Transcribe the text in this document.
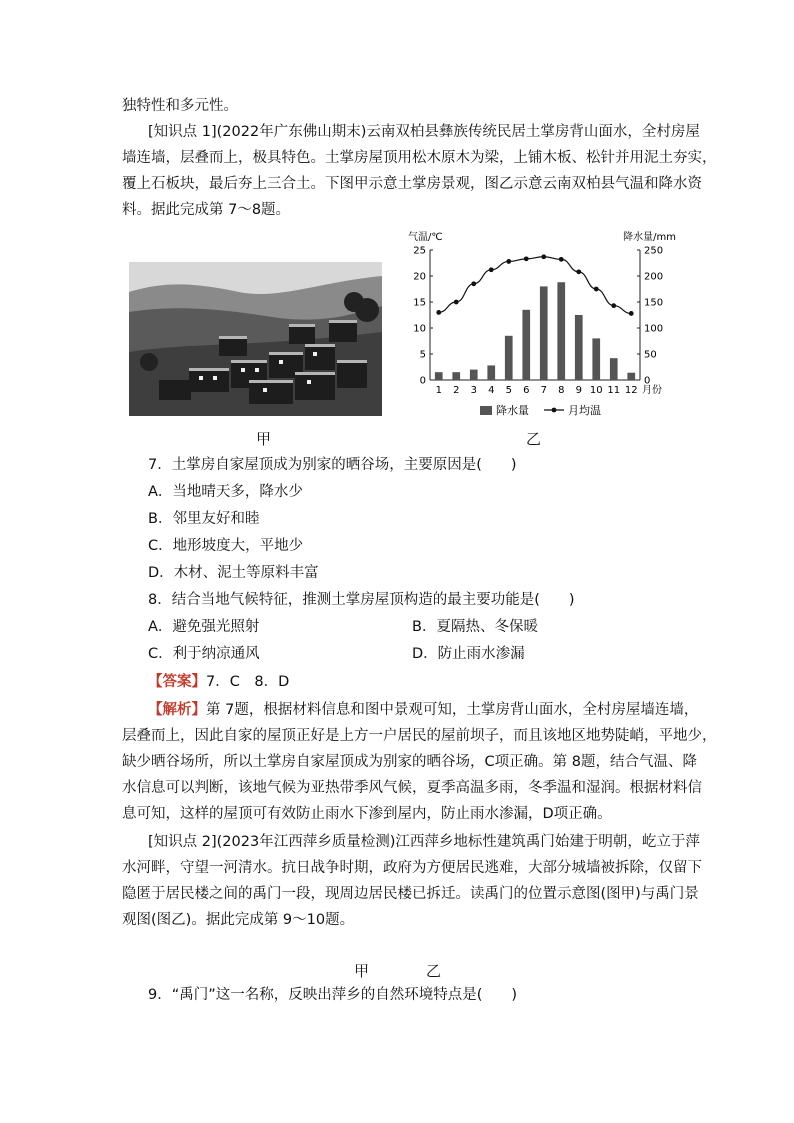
独特性和多元性。
[知识点 1](2022年广东佛山期末)云南双柏县彝族传统民居土掌房背山面水，全村房屋
墙连墙，层叠而上，极具特色。土掌房屋顶用松木原木为梁，上铺木板、松针并用泥土夯实，
覆上石板块，最后夯上三合土。下图甲示意土掌房景观，图乙示意云南双柏县气温和降水资
料。据此完成第 7～8题。
甲
气温/℃	降水量/mm
0
5
10
15
20
25
0
50
100
150
200
250
1 2 3 4 5 6 7 8 9 10 11 12 月份
降水量	月均温
乙
7．土掌房自家屋顶成为别家的晒谷场，主要原因是(　　)
A．当地晴天多，降水少
B．邻里友好和睦
C．地形坡度大，平地少
D．木材、泥土等原料丰富
8．结合当地气候特征，推测土掌房屋顶构造的最主要功能是(　　)
A．避免强光照射	B．夏隔热、冬保暖
C．利于纳凉通风	D．防止雨水渗漏
【答案】7．C　8．D
【解析】第 7题，根据材料信息和图中景观可知，土掌房背山面水，全村房屋墙连墙，
层叠而上，因此自家的屋顶正好是上方一户居民的屋前坝子，而且该地区地势陡峭，平地少，
缺少晒谷场所，所以土掌房自家屋顶成为别家的晒谷场，C项正确。第 8题，结合气温、降
水信息可以判断，该地气候为亚热带季风气候，夏季高温多雨，冬季温和湿润。根据材料信
息可知，这样的屋顶可有效防止雨水下渗到屋内，防止雨水渗漏，D项正确。
[知识点 2](2023年江西萍乡质量检测)江西萍乡地标性建筑禹门始建于明朝，屹立于萍
水河畔，守望一河清水。抗日战争时期，政府为方便居民逃难，大部分城墙被拆除，仅留下
隐匿于居民楼之间的禹门一段，现周边居民楼已拆迁。读禹门的位置示意图(图甲)与禹门景
观图(图乙)。据此完成第 9～10题。
甲	乙
9．“禹门”这一名称，反映出萍乡的自然环境特点是(　　)
